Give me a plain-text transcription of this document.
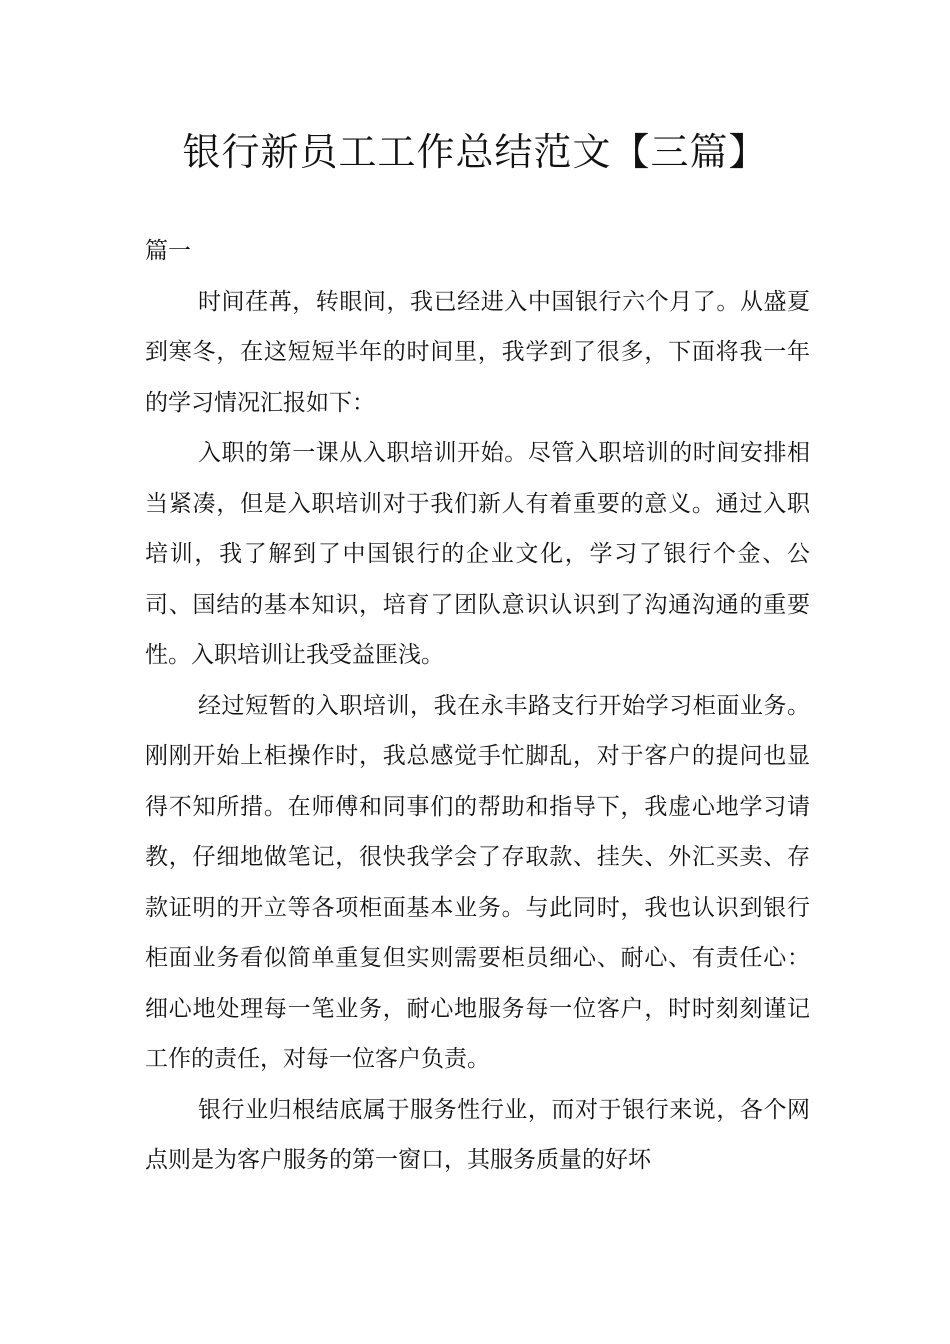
银行新员工工作总结范文【三篇】

篇一

时间荏苒，转眼间，我已经进入中国银行六个月了。从盛夏到寒冬，在这短短半年的时间里，我学到了很多，下面将我一年的学习情况汇报如下：

入职的第一课从入职培训开始。尽管入职培训的时间安排相当紧凑，但是入职培训对于我们新人有着重要的意义。通过入职培训，我了解到了中国银行的企业文化，学习了银行个金、公司、国结的基本知识，培育了团队意识认识到了沟通沟通的重要性。入职培训让我受益匪浅。

经过短暂的入职培训，我在永丰路支行开始学习柜面业务。刚刚开始上柜操作时，我总感觉手忙脚乱，对于客户的提问也显得不知所措。在师傅和同事们的帮助和指导下，我虚心地学习请教，仔细地做笔记，很快我学会了存取款、挂失、外汇买卖、存款证明的开立等各项柜面基本业务。与此同时，我也认识到银行柜面业务看似简单重复但实则需要柜员细心、耐心、有责任心：细心地处理每一笔业务，耐心地服务每一位客户，时时刻刻谨记工作的责任，对每一位客户负责。

银行业归根结底属于服务性行业，而对于银行来说，各个网点则是为客户服务的第一窗口，其服务质量的好坏
